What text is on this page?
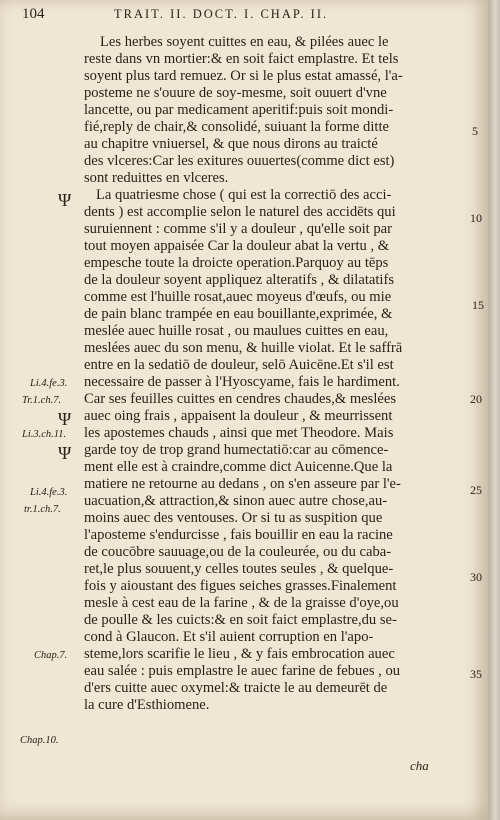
104	TRAIT. II. DOCT. I. CHAP. II.
Les herbes soyent cuittes en eau, & pilées auec le
reste dans vn mortier:& en soit faict emplastre. Et tels
soyent plus tard remuez. Or si le plus estat amassé, l'a-
posteme ne s'ouure de soy-mesme, soit ouuert d'vne
lancette, ou par medicament aperitif:puis soit mondi-
fié,reply de chair,& consolidé, suiuant la forme ditte
au chapitre vniuersel, & que nous dirons au traicté
des vlceres:Car les exitures ouuertes(comme dict est)
sont reduittes en vlceres.
La quatriesme chose ( qui est la correctiō des acci-
dents ) est accomplie selon le naturel des accidēts qui
suruiennent : comme s'il y a douleur , qu'elle soit par
tout moyen appaisée Car la douleur abat la vertu , &
empesche toute la droicte operation.Parquoy au tēps
de la douleur soyent appliquez alteratifs , & dilatatifs
comme est l'huille rosat,auec moyeus d'œufs, ou mie
de pain blanc trampée en eau bouillante,exprimée, &
meslée auec huille rosat , ou maulues cuittes en eau,
meslées auec du son menu, & huille violat. Et le saffrā
entre en la sedatiō de douleur, selō Auicēne.Et s'il est
necessaire de passer à l'Hyoscyame, fais le hardiment.
Car ses feuilles cuittes en cendres chaudes,& meslées
auec oing frais , appaisent la douleur , & meurrissent
les apostemes chauds , ainsi que met Theodore. Mais
garde toy de trop grand humectatiō:car au cōmence-
ment elle est à craindre,comme dict Auicenne.Que la
matiere ne retourne au dedans , on s'en asseure par l'e-
uacuation,& attraction,& sinon auec autre chose,au-
moins auec des ventouses. Or si tu as suspition que
l'aposteme s'endurcisse , fais bouillir en eau la racine
de coucōbre sauuage,ou de la couleurée, ou du caba-
ret,le plus souuent,y celles toutes seules , & quelque-
fois y aioustant des figues seiches grasses.Finalement
mesle à cest eau de la farine , & de la graisse d'oye,ou
de poulle & les cuicts:& en soit faict emplastre,du se-
cond à Glaucon. Et s'il auient corruption en l'apo-
steme,lors scarifie le lieu , & y fais embrocation auec
eau salée : puis emplastre le auec farine de febues , ou
d'ers cuitte auec oxymel:& traicte le au demeurēt de
la cure d'Esthiomene.
Ψ
Ψ
Ψ
Li.4.fe.3.
Tr.1.ch.7.
Li.3.ch.11.
Li.4.fe.3.
tr.1.ch.7.
Chap.7.
Chap.10.
5
10
15
20
25
30
35
cha
